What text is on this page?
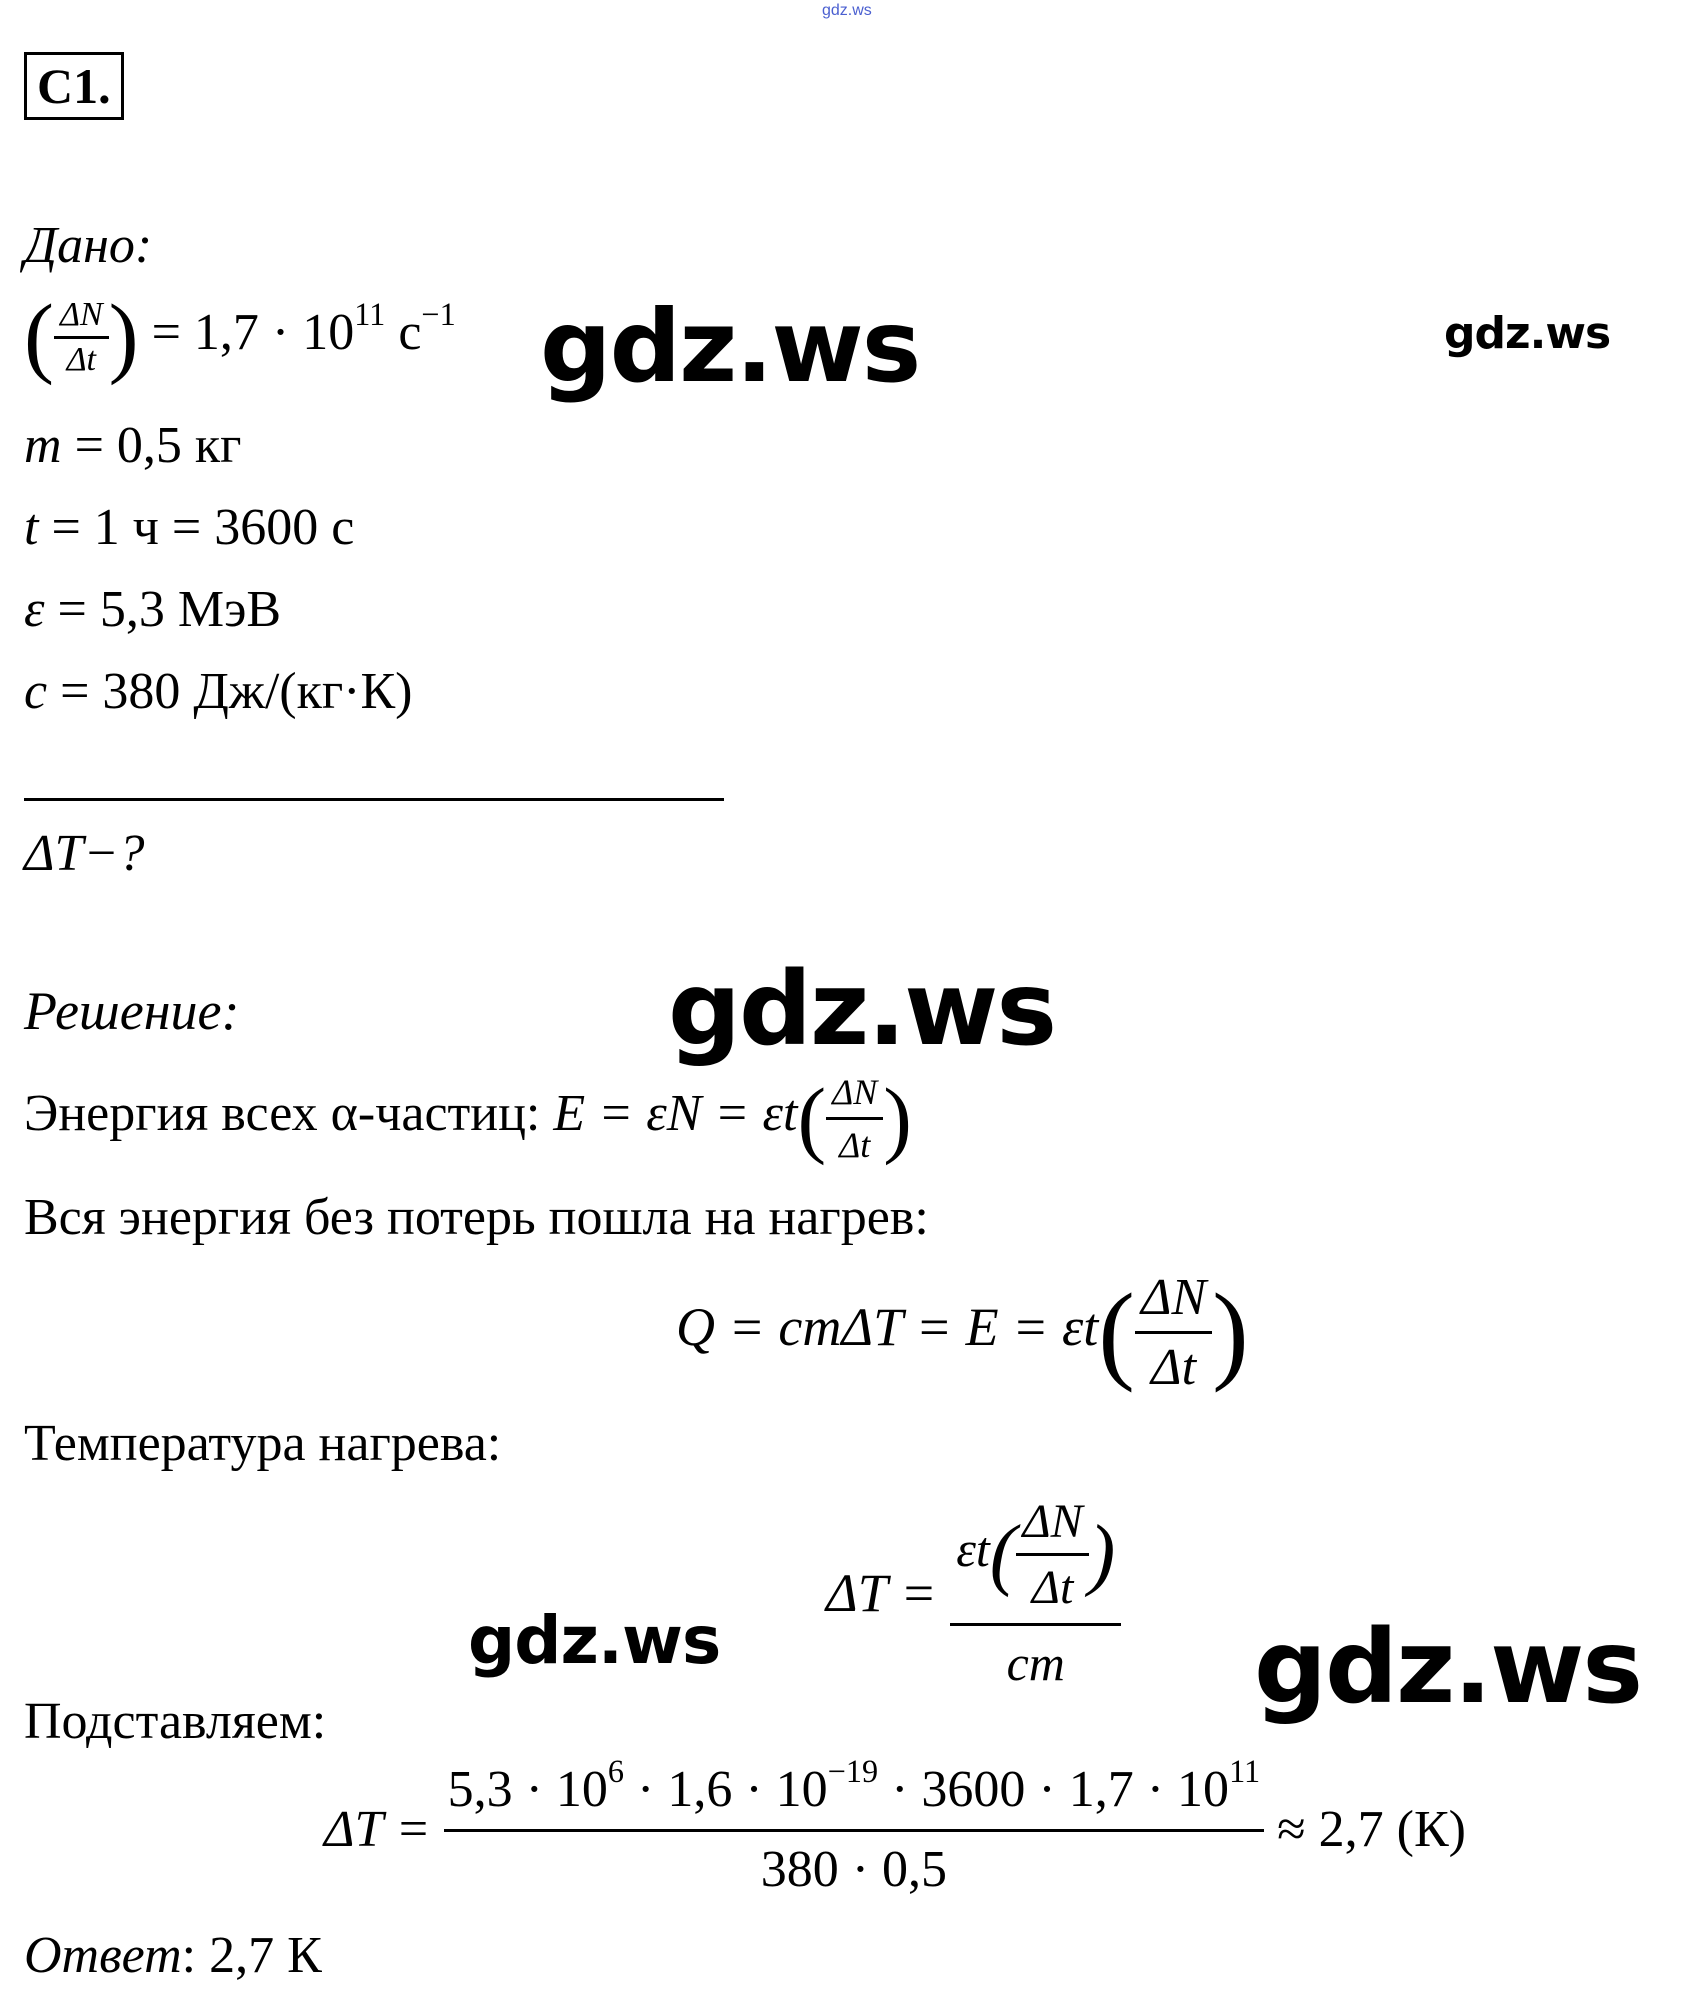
gdz.ws
С1.
Дано:
( $\frac{\Delta N}{\Delta t}$ ) = $1,7 \cdot 10^{11}$ $с^{-1}$
m = 0,5 кг
t = 1 ч = 3600 с
ε = 5,3 МэВ
c = 380 Дж/(кг·К)
ΔT−?
Решение:
Энергия всех α-частиц: $E = \varepsilon N = \varepsilon t( \frac{\Delta N}{\Delta t}$ )
Вся энергия без потерь пошла на нагрев:
$Q = cm\Delta T = E = \varepsilon t( \frac{\Delta N}{\Delta t}$ )
Температура нагрева:
$\Delta T = \frac{\varepsilon t( \frac{\Delta N}{\Delta t} )}{cm}$
Подставляем:
$\Delta T = \frac{5,3 \cdot 10^6 \cdot 1,6 \cdot 10^{-19} \cdot 3600 \cdot 1,7 \cdot 10^{11}}{380 \cdot 0,5} \approx 2,7$ (К)
Ответ: 2,7 К
gdz.ws	gdz.ws
gdz.ws
gdz.ws	gdz.ws
